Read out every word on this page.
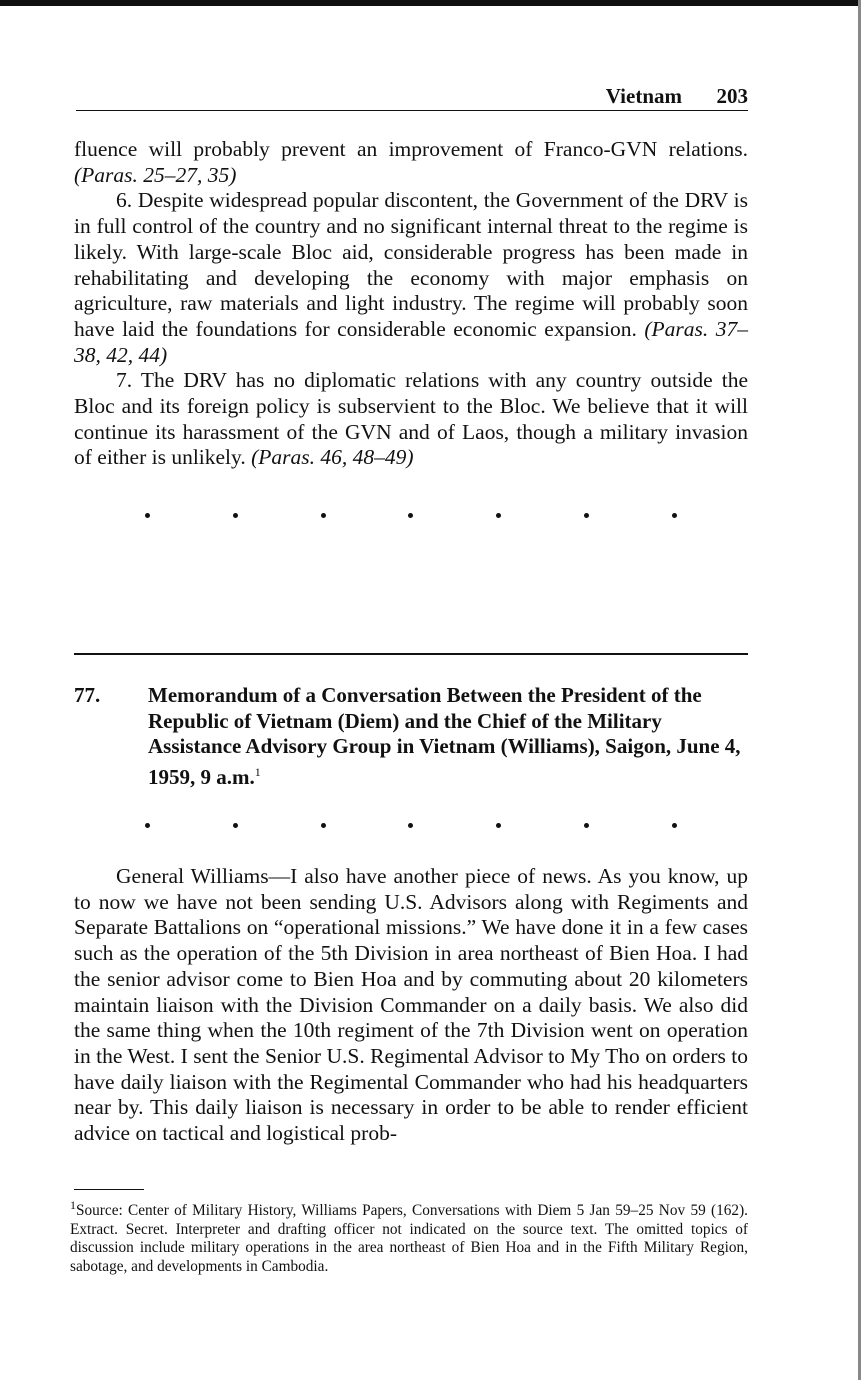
Vietnam 203

fluence will probably prevent an improvement of Franco-GVN relations. (Paras. 25–27, 35)

6. Despite widespread popular discontent, the Government of the DRV is in full control of the country and no significant internal threat to the regime is likely. With large-scale Bloc aid, considerable progress has been made in rehabilitating and developing the economy with major emphasis on agriculture, raw materials and light industry. The regime will probably soon have laid the foundations for considerable economic expansion. (Paras. 37–38, 42, 44)

7. The DRV has no diplomatic relations with any country outside the Bloc and its foreign policy is subservient to the Bloc. We believe that it will continue its harassment of the GVN and of Laos, though a military invasion of either is unlikely. (Paras. 46, 48–49)

77. Memorandum of a Conversation Between the President of the Republic of Vietnam (Diem) and the Chief of the Military Assistance Advisory Group in Vietnam (Williams), Saigon, June 4, 1959, 9 a.m.$^1$

General Williams—I also have another piece of news. As you know, up to now we have not been sending U.S. Advisors along with Regiments and Separate Battalions on “operational missions.” We have done it in a few cases such as the operation of the 5th Division in area northeast of Bien Hoa. I had the senior advisor come to Bien Hoa and by commuting about 20 kilometers maintain liaison with the Division Commander on a daily basis. We also did the same thing when the 10th regiment of the 7th Division went on operation in the West. I sent the Senior U.S. Regimental Advisor to My Tho on orders to have daily liaison with the Regimental Commander who had his headquarters near by. This daily liaison is necessary in order to be able to render efficient advice on tactical and logistical prob-

$^1$Source: Center of Military History, Williams Papers, Conversations with Diem 5 Jan 59–25 Nov 59 (162). Extract. Secret. Interpreter and drafting officer not indicated on the source text. The omitted topics of discussion include military operations in the area northeast of Bien Hoa and in the Fifth Military Region, sabotage, and developments in Cambodia.
